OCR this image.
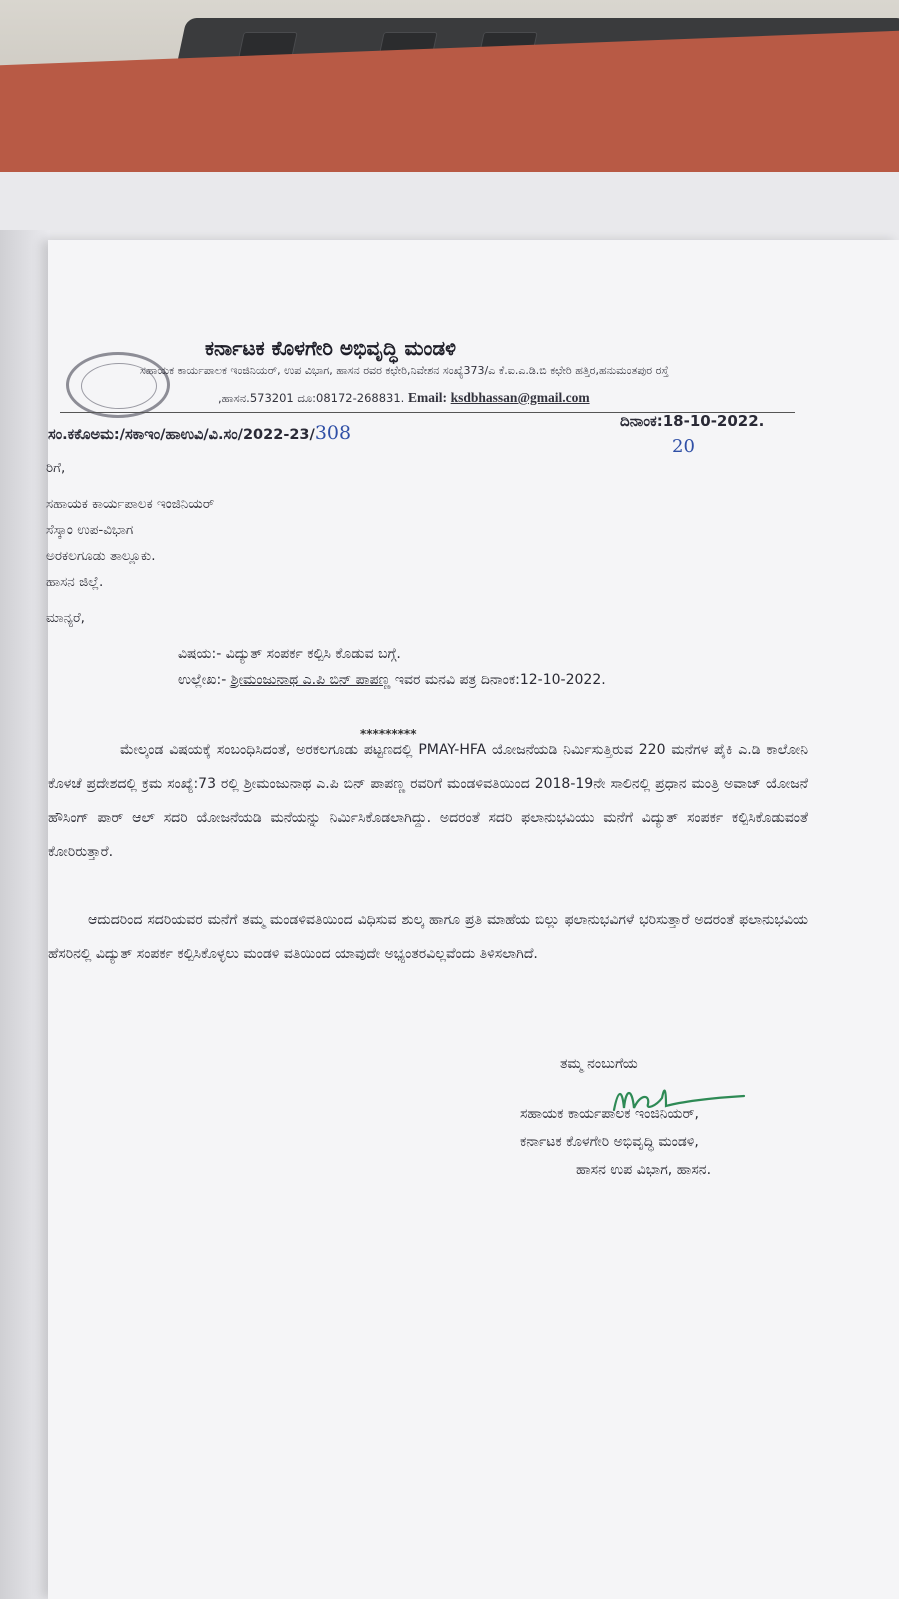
ಕರ್ನಾಟಕ ಕೊಳಗೇರಿ ಅಭಿವೃದ್ಧಿ ಮಂಡಳಿ
ಸಹಾಯಕ ಕಾರ್ಯಪಾಲಕ ಇಂಜಿನಿಯರ್, ಉಪ ವಿಭಾಗ, ಹಾಸನ ರವರ ಕಛೇರಿ,ನಿವೇಶನ ಸಂಖ್ಯೆ373/ಎ ಕೆ.ಐ.ಎ.ಡಿ.ಬಿ ಕಛೇರಿ ಹತ್ತಿರ,ಹನುಮಂತಪುರ ರಸ್ತೆ
,ಹಾಸನ.573201 ದೂ:08172-268831. Email: ksdbhassan@gmail.com
ಸಂ.ಕಕೊಅಮ:/ಸಕಾಇಂ/ಹಾಉವಿ/ವಿ.ಸಂ/2022-23/308
ದಿನಾಂಕ:18-10-2022.
20
ರಿಗೆ,
ಸಹಾಯಕ ಕಾರ್ಯಪಾಲಕ ಇಂಜಿನಿಯರ್
ಸೆಸ್ಕಾಂ ಉಪ-ವಿಭಾಗ
ಅರಕಲಗೂಡು ತಾಲ್ಲೂಕು.
ಹಾಸನ ಜಿಲ್ಲೆ.
ಮಾನ್ಯರೆ,
ವಿಷಯ:- ವಿದ್ಯುತ್ ಸಂಪರ್ಕ ಕಲ್ಪಿಸಿ ಕೊಡುವ ಬಗ್ಗೆ.
ಉಲ್ಲೇಖ:- ಶ್ರೀಮಂಜುನಾಥ ಎ.ಪಿ ಬಿನ್ ಪಾಪಣ್ಣ ಇವರ ಮನವಿ ಪತ್ರ ದಿನಾಂಕ:12-10-2022.
*********
ಮೇಲ್ಕಂಡ ವಿಷಯಕ್ಕೆ ಸಂಬಂಧಿಸಿದಂತೆ, ಅರಕಲಗೂಡು ಪಟ್ಟಣದಲ್ಲಿ PMAY-HFA ಯೋಜನೆಯಡಿ ನಿರ್ಮಿಸುತ್ತಿರುವ 220 ಮನೆಗಳ ಪೈಕಿ ಎ.ಡಿ ಕಾಲೋನಿ ಕೊಳಚೆ ಪ್ರದೇಶದಲ್ಲಿ ಕ್ರಮ ಸಂಖ್ಯೆ:73 ರಲ್ಲಿ ಶ್ರೀಮಂಜುನಾಥ ಎ.ಪಿ ಬಿನ್ ಪಾಪಣ್ಣ ರವರಿಗೆ ಮಂಡಳಿವತಿಯಿಂದ 2018-19ನೇ ಸಾಲಿನಲ್ಲಿ ಪ್ರಧಾನ ಮಂತ್ರಿ ಅವಾಜ್ ಯೋಜನೆ ಹೌಸಿಂಗ್ ಪಾರ್ ಆಲ್ ಸದರಿ ಯೋಜನೆಯಡಿ ಮನೆಯನ್ನು ನಿರ್ಮಿಸಿಕೊಡಲಾಗಿದ್ದು. ಅದರಂತೆ ಸದರಿ ಫಲಾನುಭವಿಯು ಮನೆಗೆ ವಿದ್ಯುತ್ ಸಂಪರ್ಕ ಕಲ್ಪಿಸಿಕೊಡುವಂತೆ ಕೋರಿರುತ್ತಾರೆ.
ಆದುದರಿಂದ ಸದರಿಯವರ ಮನೆಗೆ ತಮ್ಮ ಮಂಡಳಿವತಿಯಿಂದ ವಿಧಿಸುವ ಶುಲ್ಕ ಹಾಗೂ ಪ್ರತಿ ಮಾಹೆಯ ಬಿಲ್ಲು ಫಲಾನುಭವಿಗಳೆ ಭರಿಸುತ್ತಾರೆ ಅದರಂತೆ ಫಲಾನುಭವಿಯ ಹೆಸರಿನಲ್ಲಿ ವಿದ್ಯುತ್ ಸಂಪರ್ಕ ಕಲ್ಪಿಸಿಕೊಳ್ಳಲು ಮಂಡಳಿ ವತಿಯಿಂದ ಯಾವುದೇ ಅಭ್ಯಂತರವಿಲ್ಲವೆಂದು ತಿಳಿಸಲಾಗಿದೆ.
ತಮ್ಮ ನಂಬುಗೆಯ
ಸಹಾಯಕ ಕಾರ್ಯಪಾಲಕ ಇಂಜಿನಿಯರ್,
ಕರ್ನಾಟಕ ಕೊಳಗೇರಿ ಅಭಿವೃದ್ಧಿ ಮಂಡಳಿ,
ಹಾಸನ ಉಪ ವಿಭಾಗ, ಹಾಸನ.
